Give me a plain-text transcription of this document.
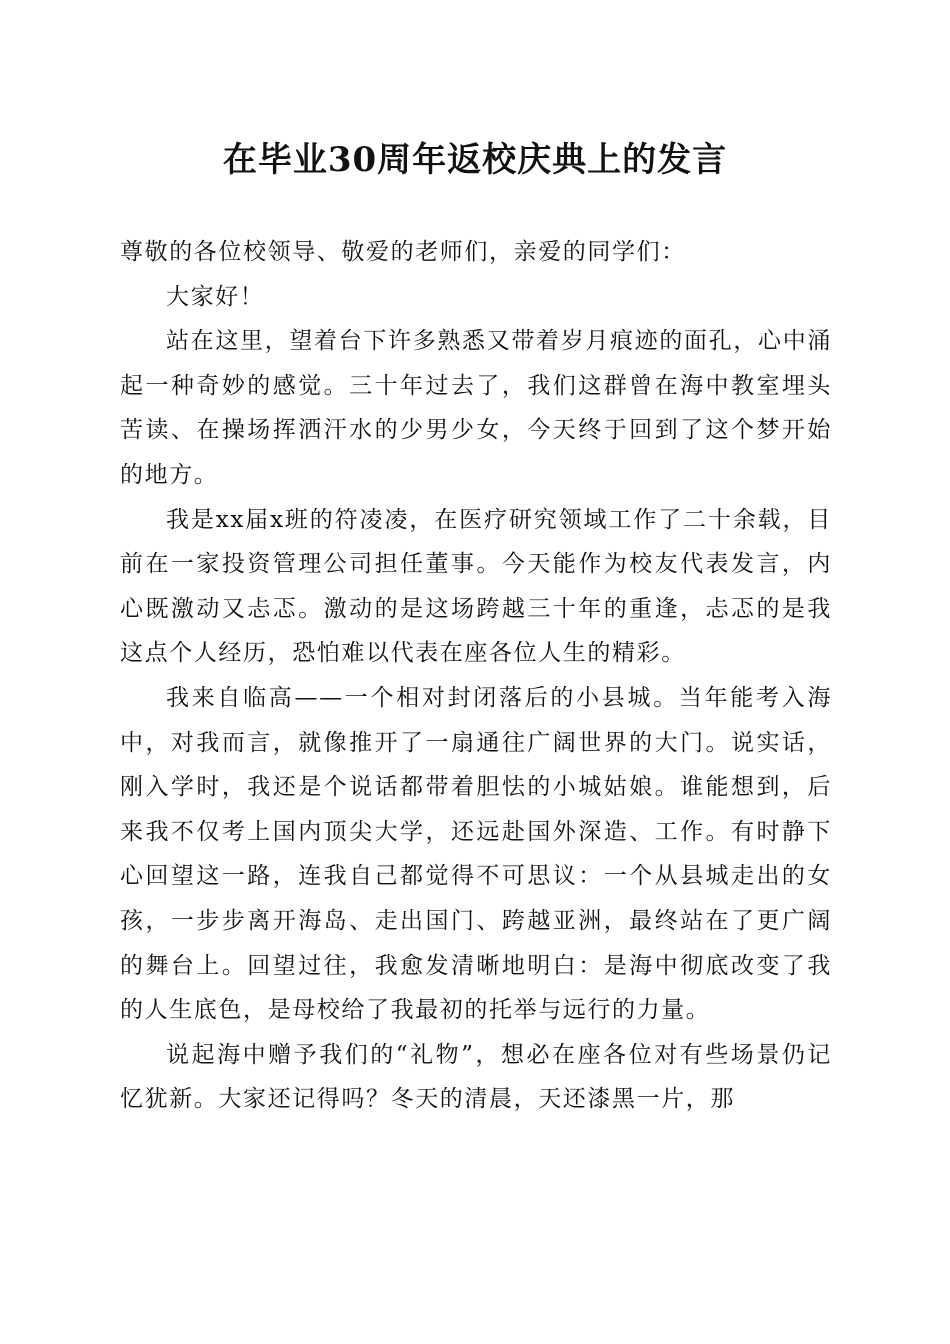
在毕业30周年返校庆典上的发言

尊敬的各位校领导、敬爱的老师们，亲爱的同学们：

大家好！

站在这里，望着台下许多熟悉又带着岁月痕迹的面孔，心中涌起一种奇妙的感觉。三十年过去了，我们这群曾在海中教室埋头苦读、在操场挥洒汗水的少男少女，今天终于回到了这个梦开始的地方。

我是xx届x班的符凌凌，在医疗研究领域工作了二十余载，目前在一家投资管理公司担任董事。今天能作为校友代表发言，内心既激动又忐忑。激动的是这场跨越三十年的重逢，忐忑的是我这点个人经历，恐怕难以代表在座各位人生的精彩。

我来自临高——一个相对封闭落后的小县城。当年能考入海中，对我而言，就像推开了一扇通往广阔世界的大门。说实话，刚入学时，我还是个说话都带着胆怯的小城姑娘。谁能想到，后来我不仅考上国内顶尖大学，还远赴国外深造、工作。有时静下心回望这一路，连我自己都觉得不可思议：一个从县城走出的女孩，一步步离开海岛、走出国门、跨越亚洲，最终站在了更广阔的舞台上。回望过往，我愈发清晰地明白：是海中彻底改变了我的人生底色，是母校给了我最初的托举与远行的力量。

说起海中赠予我们的“礼物”，想必在座各位对有些场景仍记忆犹新。大家还记得吗？冬天的清晨，天还漆黑一片，那
